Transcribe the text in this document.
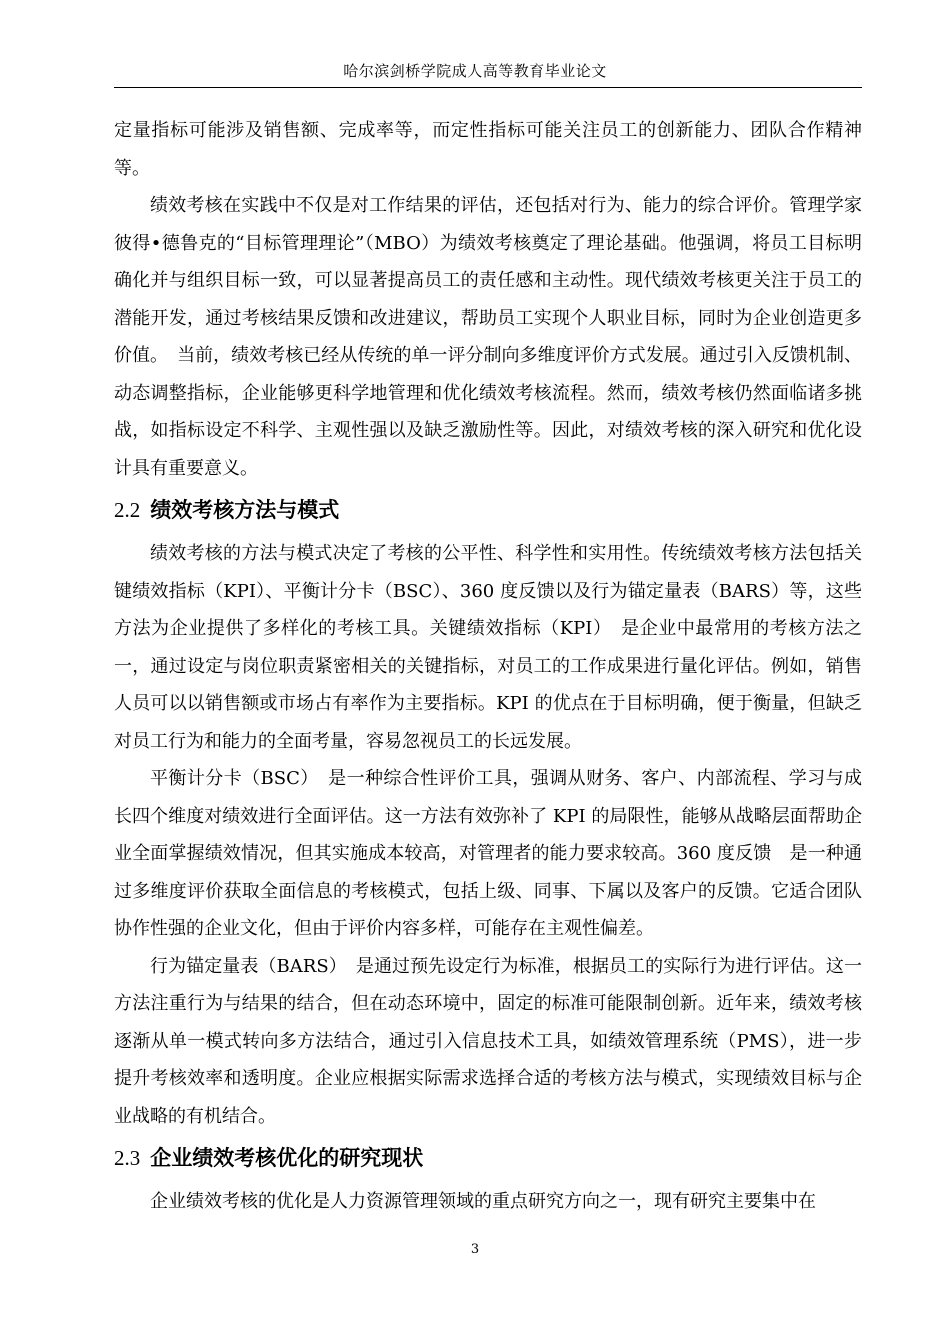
哈尔滨剑桥学院成人高等教育毕业论文

定量指标可能涉及销售额、完成率等，而定性指标可能关注员工的创新能力、团队合作精神等。

绩效考核在实践中不仅是对工作结果的评估，还包括对行为、能力的综合评价。管理学家彼得•德鲁克的“目标管理理论”（MBO）为绩效考核奠定了理论基础。他强调，将员工目标明确化并与组织目标一致，可以显著提高员工的责任感和主动性。现代绩效考核更关注于员工的潜能开发，通过考核结果反馈和改进建议，帮助员工实现个人职业目标，同时为企业创造更多价值。　当前，绩效考核已经从传统的单一评分制向多维度评价方式发展。通过引入反馈机制、动态调整指标，企业能够更科学地管理和优化绩效考核流程。然而，绩效考核仍然面临诸多挑战，如指标设定不科学、主观性强以及缺乏激励性等。因此，对绩效考核的深入研究和优化设计具有重要意义。

2.2 绩效考核方法与模式

绩效考核的方法与模式决定了考核的公平性、科学性和实用性。传统绩效考核方法包括关键绩效指标（KPI）、平衡计分卡（BSC）、360 度反馈以及行为锚定量表（BARS）等，这些方法为企业提供了多样化的考核工具。关键绩效指标（KPI）　是企业中最常用的考核方法之一，通过设定与岗位职责紧密相关的关键指标，对员工的工作成果进行量化评估。例如，销售人员可以以销售额或市场占有率作为主要指标。KPI 的优点在于目标明确，便于衡量，但缺乏对员工行为和能力的全面考量，容易忽视员工的长远发展。

平衡计分卡（BSC）　是一种综合性评价工具，强调从财务、客户、内部流程、学习与成长四个维度对绩效进行全面评估。这一方法有效弥补了 KPI 的局限性，能够从战略层面帮助企业全面掌握绩效情况，但其实施成本较高，对管理者的能力要求较高。360 度反馈　是一种通过多维度评价获取全面信息的考核模式，包括上级、同事、下属以及客户的反馈。它适合团队协作性强的企业文化，但由于评价内容多样，可能存在主观性偏差。

行为锚定量表（BARS）　是通过预先设定行为标准，根据员工的实际行为进行评估。这一方法注重行为与结果的结合，但在动态环境中，固定的标准可能限制创新。近年来，绩效考核逐渐从单一模式转向多方法结合，通过引入信息技术工具，如绩效管理系统（PMS），进一步提升考核效率和透明度。企业应根据实际需求选择合适的考核方法与模式，实现绩效目标与企业战略的有机结合。

2.3 企业绩效考核优化的研究现状

企业绩效考核的优化是人力资源管理领域的重点研究方向之一，现有研究主要集中在

3
